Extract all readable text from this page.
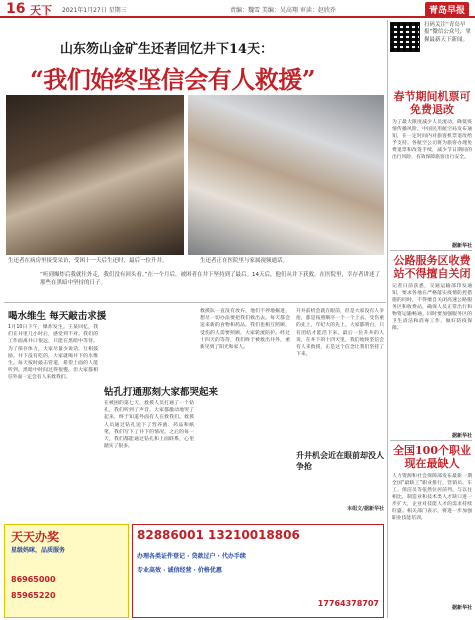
16 天下 2021年1月27日 星期三	责编：魏雪 美编：吴高翔 审读：赵欣乔	青岛早报
山东笏山金矿生还者回忆井下14天：
“我们始终坚信会有人救援”
生还者在病房里接受采访，受困十一天后生还时，最后一位升井。	生还者正在医院里与家属视频通话。
“听到爆炸后我就往外走，我们没有回头看。”在一个月后，被困者在井下坚持到了最后。14天后，他们从井下获救。在医院里，幸存者讲述了那些在黑暗中坚持的日子。
喝水维生 每天敲击求援
1月10日下午，爆炸发生。王某回忆，我们在井里几小时后，感觉到不对。我们的工作面离井口很远，只能在黑暗中等待。为了保存体力，大家尽量少说话，互相鼓励。井下没有吃的，大家就喝井下的水维生。每天按时敲击管道，希望上面的人能听到。黑暗中时间过得很慢，但大家都相信外面一定会有人来救我们。
钻孔打通那刻大家都哭起来
在被困的第七天，救援人员打通了一个钻孔，我们听到了声音。大家都激动地哭了起来，终于知道外面有人在救我们。救援人员通过钻孔送下了营养液、药品和纸笔，我们写下了井下的情况。之后的每一天，我们都能通过钻孔和上面联系，心里踏实了很多。
救援队一直没有放弃，他们不停地掘进，想尽一切办法要把我们救出去。每天都会送来新的食物和药品。我们也相互照顾，受伤的人需要照顾，大家轮流陪护。经过十四天的等待，我们终于被救出井外，重新见到了阳光和家人。
升井机会近在眼前却没人争抢
升井前机会就在眼前，但是大家没有人争抢，都是按照顺序一个一个上去。受伤重的先上，年纪大的先上。大家都明白，只有团结才能活下来。最后一位升井的人说，在井下的十四天里，我们始终坚信会有人来救援，正是这个信念让我们坚持了下来。
本组文/据新华社
扫码关注“青岛早报”微信公众号，掌握最新天下新闻。
春节期间机票可免费退改
为了最大限度减少人员流动，降低疫情传播风险，中国民用航空局发布通知，在一定时间内对旅客机票退改给予支持。各航空公司将为旅客办理免费退票和改签手续，减少节日期间的出行风险，有效保障旅客出行安全。
据新华社
公路服务区收费站不得擅自关闭
记者日前获悉，交通运输部印发通知，要求各地在严格落实疫情防控措施的同时，不得擅自关闭高速公路服务区和收费站，确保人员正常出行和物资运输畅通。同时要加强服务区的卫生清洁和消毒工作，做好防疫保障。
据新华社
全国100个职业现在最缺人
人力资源和社会保障部发布最新一期全国“最缺工”职业排行，营销员、车工、保洁员等依然位居前列。与以往相比，制造业和技术类人才缺口进一步扩大，企业对技能人才的需求持续旺盛。相关部门表示，将进一步加强职业技能培训。
据新华社
天天办奖
星级妈咪，品质服务
86965000
85965220
82886001 13210018806
办理各类证件登记 · 贷款过户 · 代办手续
专业高效 · 诚信经营 · 价格优惠
17764378707
